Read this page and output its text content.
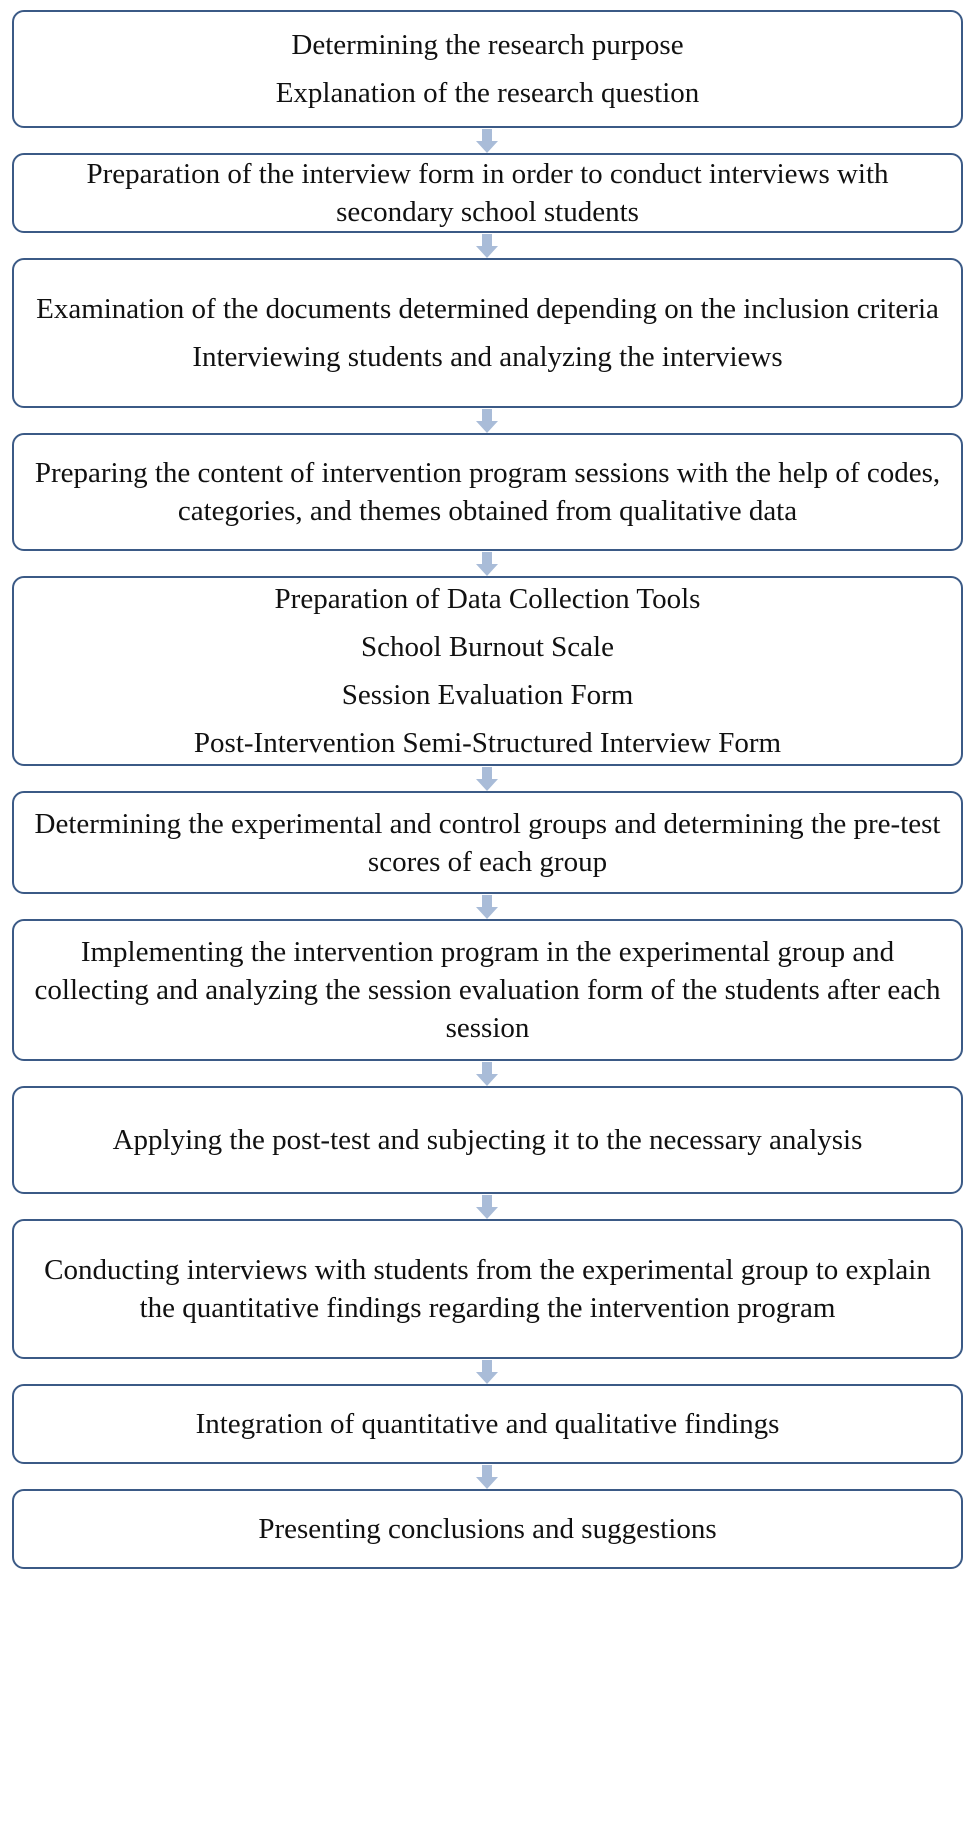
Determining the research purpose
Explanation of the research question
Preparation of the interview form in order to conduct interviews with secondary school students
Examination of the documents determined depending on the inclusion criteria
Interviewing students and analyzing the interviews
Preparing the content of intervention program sessions with the help of codes, categories, and themes obtained from qualitative data
Preparation of Data Collection Tools
School Burnout Scale
Session Evaluation Form
Post-Intervention Semi-Structured Interview Form
Determining the experimental and control groups and determining the pre-test scores of each group
Implementing the intervention program in the experimental group and collecting and analyzing the session evaluation form of the students after each session
Applying the post-test and subjecting it to the necessary analysis
Conducting interviews with students from the experimental group to explain the quantitative findings regarding the intervention program
Integration of quantitative and qualitative findings
Presenting conclusions and suggestions
